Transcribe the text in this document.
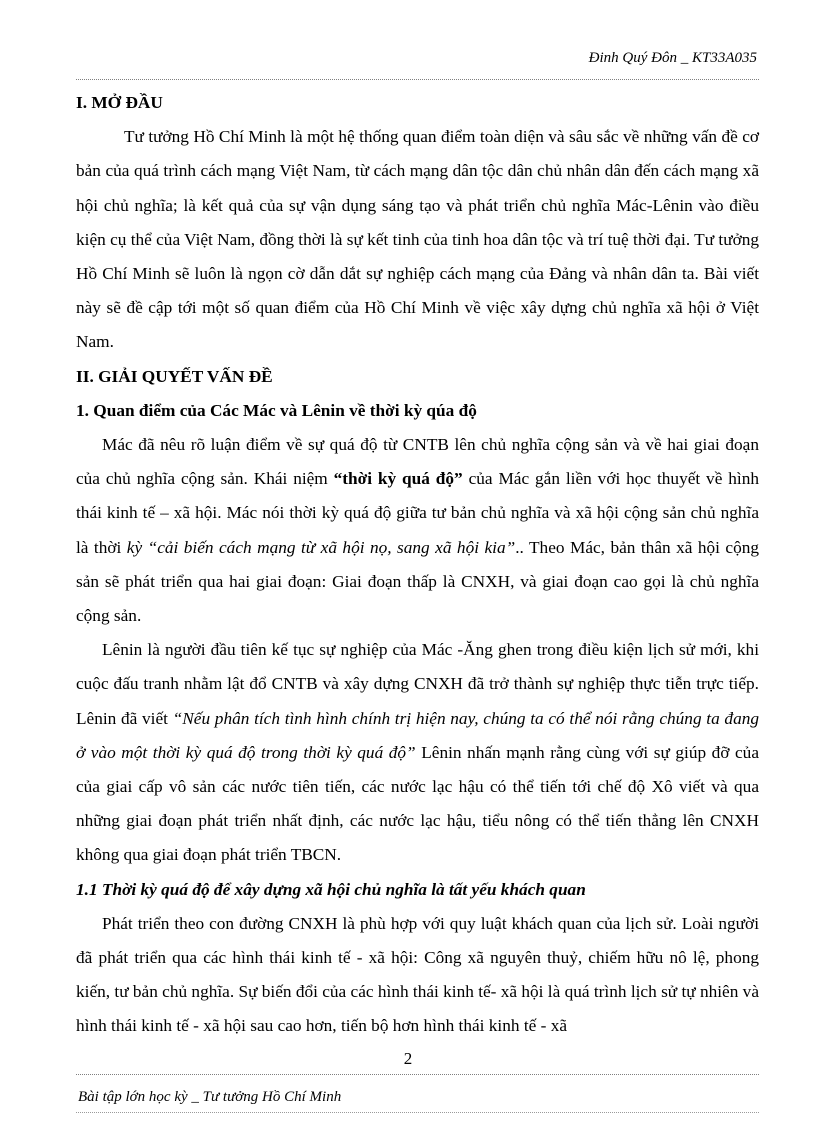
Đinh Quý Đôn _ KT33A035

I. MỞ ĐẦU

Tư tưởng Hồ Chí Minh là một hệ thống quan điểm toàn diện và sâu sắc về những vấn đề cơ bản của quá trình cách mạng Việt Nam, từ cách mạng dân tộc dân chủ nhân dân đến cách mạng xã hội chủ nghĩa; là kết quả của sự vận dụng sáng tạo và phát triển chủ nghĩa Mác-Lênin vào điều kiện cụ thể của Việt Nam, đồng thời là sự kết tinh của tinh hoa dân tộc và trí tuệ thời đại. Tư tưởng Hồ Chí Minh sẽ luôn là ngọn cờ dẫn dắt sự nghiệp cách mạng của Đảng và nhân dân ta. Bài viết này sẽ đề cập tới một số quan điểm của Hồ Chí Minh về việc xây dựng chủ nghĩa xã hội ở Việt Nam.

II. GIẢI QUYẾT VẤN ĐỀ

1. Quan điểm của Các Mác và Lênin về thời kỳ qúa độ

Mác đã nêu rõ luận điểm về sự quá độ từ CNTB lên chủ nghĩa cộng sản và về hai giai đoạn của chủ nghĩa cộng sản. Khái niệm “thời kỳ quá độ” của Mác gắn liền với học thuyết về hình thái kinh tế – xã hội. Mác nói thời kỳ quá độ giữa tư bản chủ nghĩa và xã hội cộng sản chủ nghĩa là thời kỳ “cải biến cách mạng từ xã hội nọ, sang xã hội kia”.. Theo Mác, bản thân xã hội cộng sản sẽ phát triển qua hai giai đoạn: Giai đoạn thấp là CNXH, và giai đoạn cao gọi là chủ nghĩa cộng sản.

Lênin là người đầu tiên kế tục sự nghiệp của Mác -Ăng ghen trong điều kiện lịch sử mới, khi cuộc đấu tranh nhằm lật đổ CNTB và xây dựng CNXH đã trở thành sự nghiệp thực tiễn trực tiếp. Lênin đã viết “Nếu phân tích tình hình chính trị hiện nay, chúng ta có thể nói rằng chúng ta đang ở vào một thời kỳ quá độ trong thời kỳ quá độ” Lênin nhấn mạnh rằng cùng với sự giúp đỡ của của giai cấp vô sản các nước tiên tiến, các nước lạc hậu có thể tiến tới chế độ Xô viết và qua những giai đoạn phát triển nhất định, các nước lạc hậu, tiểu nông có thể tiến thẳng lên CNXH không qua giai đoạn phát triển TBCN.

1.1 Thời kỳ quá độ để xây dựng xã hội chủ nghĩa là tất yếu khách quan

Phát triển theo con đường CNXH là phù hợp với quy luật khách quan của lịch sử. Loài người đã phát triển qua các hình thái kinh tế - xã hội: Công xã nguyên thuỷ, chiếm hữu nô lệ, phong kiến, tư bản chủ nghĩa. Sự biến đổi của các hình thái kinh tế- xã hội là quá trình lịch sử tự nhiên và hình thái kinh tế - xã hội sau cao hơn, tiến bộ hơn hình thái kinh tế - xã

2
Bài tập lớn học kỳ _ Tư tưởng Hồ Chí Minh
